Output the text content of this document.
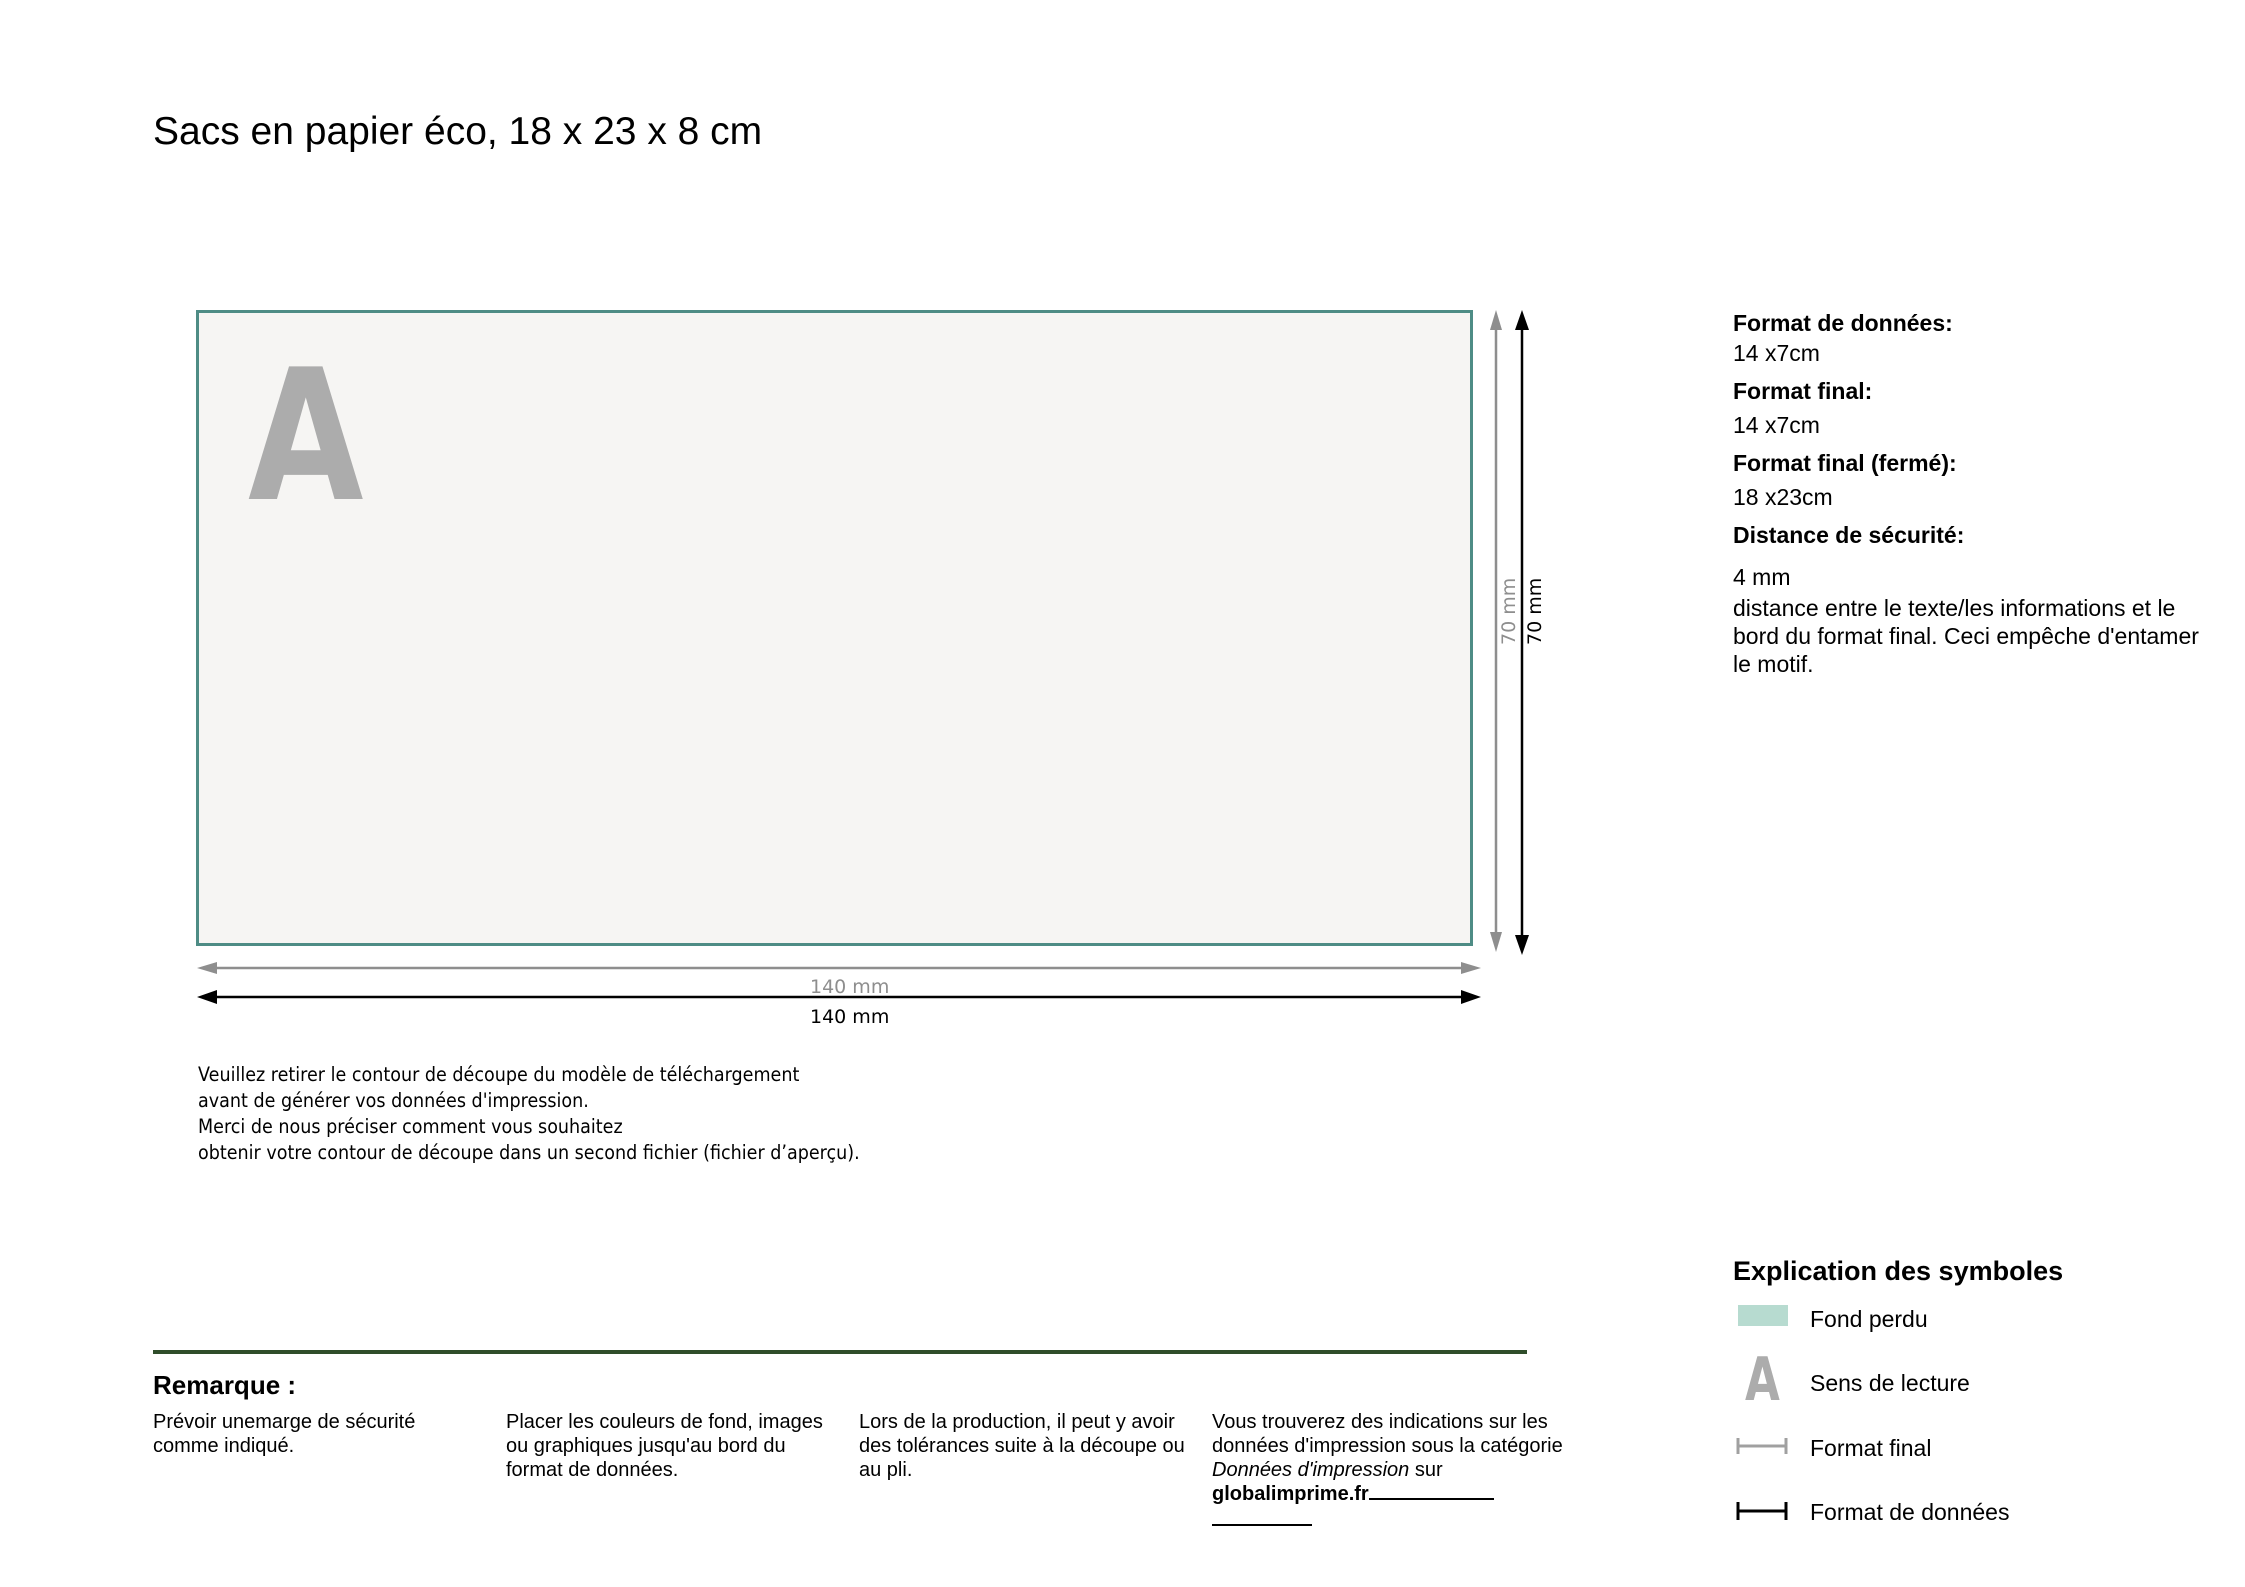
Sacs en papier éco, 18 x 23 x 8 cm
A
140 mm
140 mm
70 mm 70 mm
Veuillez retirer le contour de découpe du modèle de téléchargement
avant de générer vos données d'impression.
Merci de nous préciser comment vous souhaitez
obtenir votre contour de découpe dans un second fichier (fichier d’aperçu).
Format de données:
14 x7cm
Format final:
14 x7cm
Format final (fermé):
18 x23cm
Distance de sécurité:
4 mm
distance entre le texte/les informations et le bord du format final. Ceci empêche d'entamer le motif.
Remarque :
Prévoir unemarge de sécurité comme indiqué.
Placer les couleurs de fond, images ou graphiques jusqu'au bord du format de données.
Lors de la production, il peut y avoir des tolérances suite à la découpe ou au pli.
Vous trouverez des indications sur les données d'impression sous la catégorie Données d'impression sur
globalimprime.fr

Explication des symboles
Fond perdu
A Sens de lecture
Format final
Format de données
